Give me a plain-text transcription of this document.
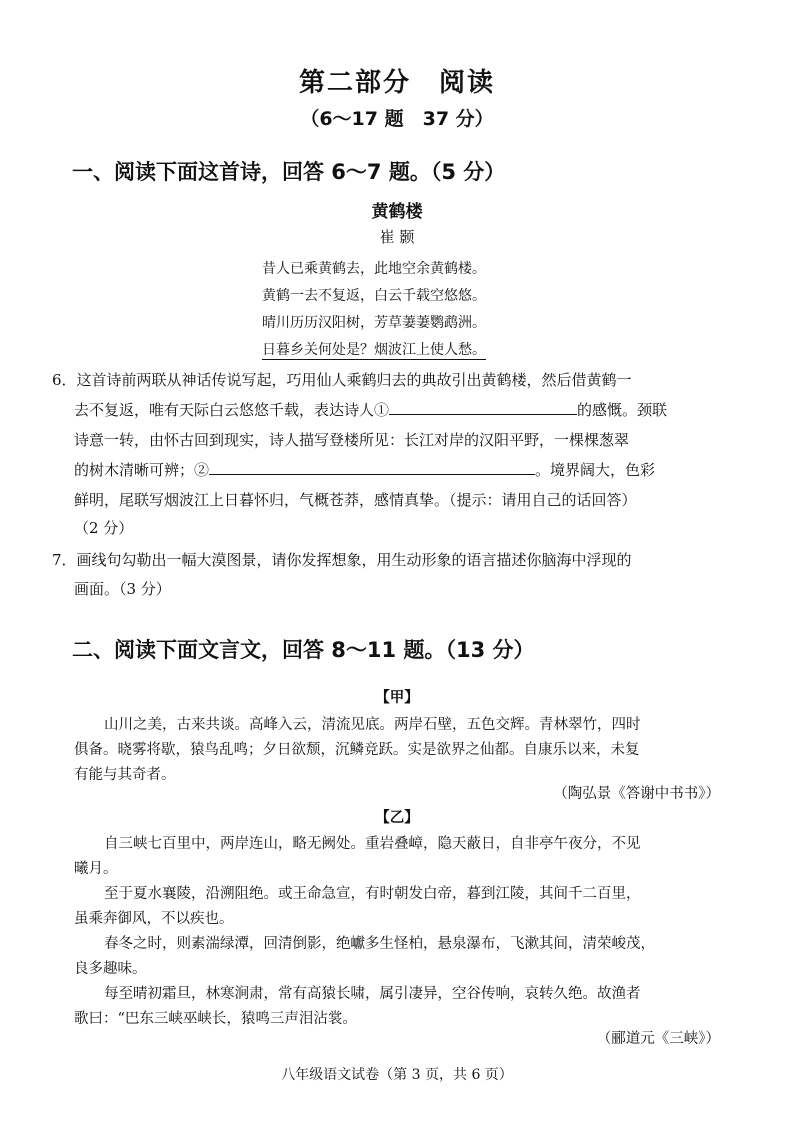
第二部分 阅读
（6～17 题　37 分）
一、阅读下面这首诗，回答 6～7 题。（5 分）
黄鹤楼
崔 颢
昔人已乘黄鹤去，此地空余黄鹤楼。
黄鹤一去不复返，白云千载空悠悠。
晴川历历汉阳树，芳草萋萋鹦鹉洲。
日暮乡关何处是？烟波江上使人愁。
6．这首诗前两联从神话传说写起，巧用仙人乘鹤归去的典故引出黄鹤楼，然后借黄鹤一
去不复返，唯有天际白云悠悠千载，表达诗人①	的感慨。颈联
诗意一转，由怀古回到现实，诗人描写登楼所见：长江对岸的汉阳平野，一棵棵葱翠
的树木清晰可辨；②	。境界阔大，色彩
鲜明，尾联写烟波江上日暮怀归，气概苍莽，感情真挚。（提示：请用自己的话回答）
（2 分）
7．画线句勾勒出一幅大漠图景，请你发挥想象，用生动形象的语言描述你脑海中浮现的
画面。（3 分）
二、阅读下面文言文，回答 8～11 题。（13 分）
【甲】
山川之美，古来共谈。高峰入云，清流见底。两岸石壁，五色交辉。青林翠竹，四时
俱备。晓雾将歇，猿鸟乱鸣；夕日欲颓，沉鳞竞跃。实是欲界之仙都。自康乐以来，未复
有能与其奇者。
（陶弘景《答谢中书书》）
【乙】
自三峡七百里中，两岸连山，略无阙处。重岩叠嶂，隐天蔽日，自非亭午夜分，不见
曦月。
至于夏水襄陵，沿溯阻绝。或王命急宣，有时朝发白帝，暮到江陵，其间千二百里，
虽乘奔御风，不以疾也。
春冬之时，则素湍绿潭，回清倒影，绝巘多生怪柏，悬泉瀑布，飞漱其间，清荣峻茂，
良多趣味。
每至晴初霜旦，林寒涧肃，常有高猿长啸，属引凄异，空谷传响，哀转久绝。故渔者
歌曰：“巴东三峡巫峡长，猿鸣三声泪沾裳。
（郦道元《三峡》）
八年级语文试卷（第 3 页，共 6 页）
